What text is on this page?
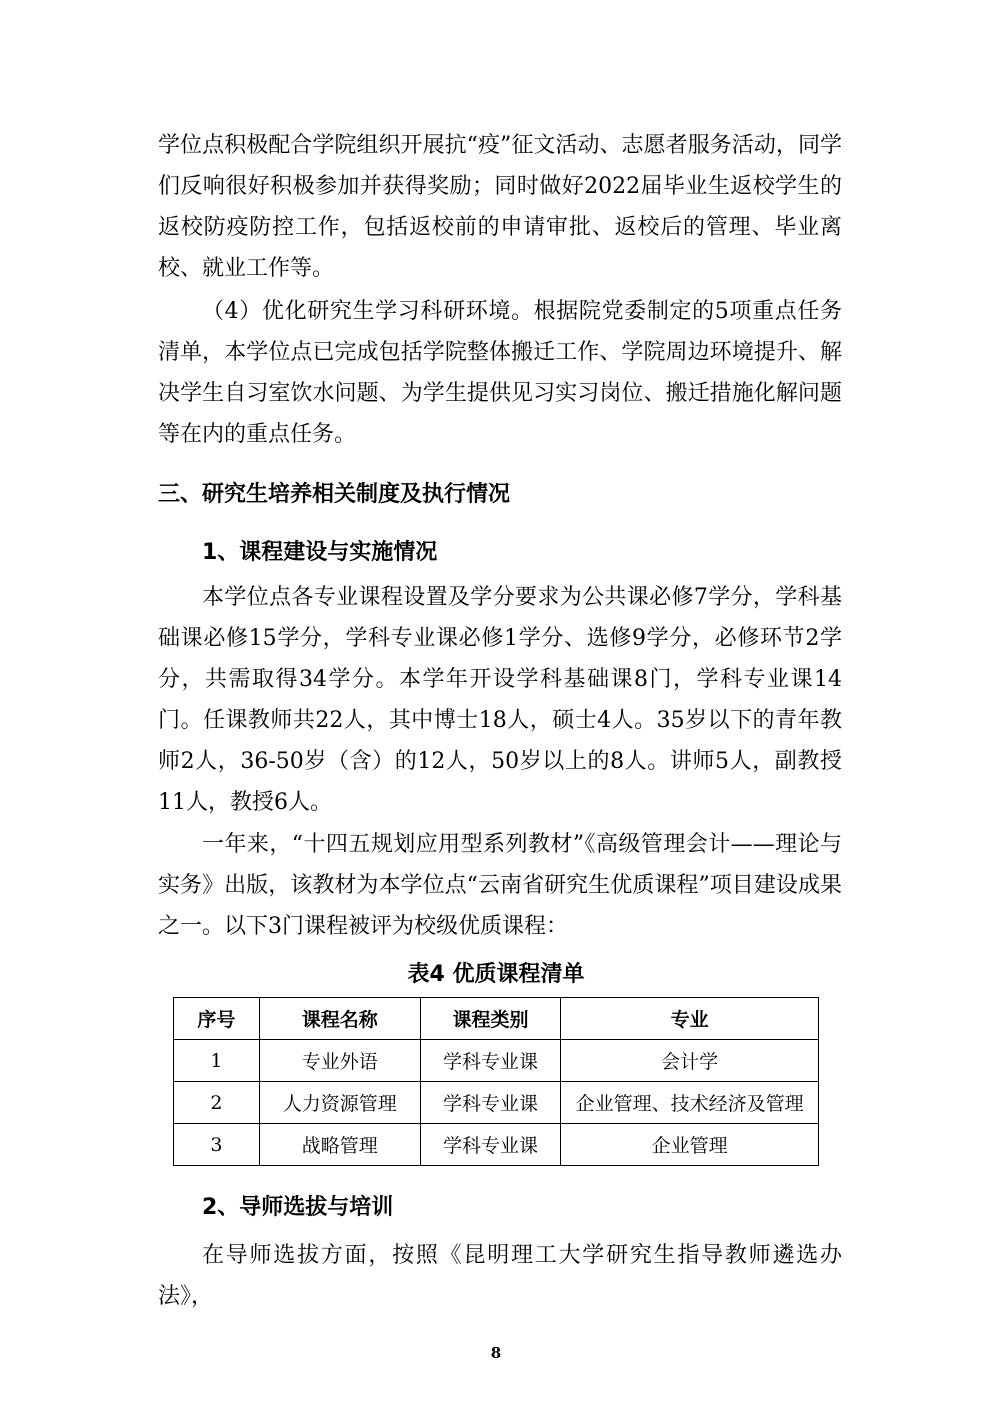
学位点积极配合学院组织开展抗“疫”征文活动、志愿者服务活动，同学们反响很好积极参加并获得奖励；同时做好2022届毕业生返校学生的返校防疫防控工作，包括返校前的申请审批、返校后的管理、毕业离校、就业工作等。

（4）优化研究生学习科研环境。根据院党委制定的5项重点任务清单，本学位点已完成包括学院整体搬迁工作、学院周边环境提升、解决学生自习室饮水问题、为学生提供见习实习岗位、搬迁措施化解问题等在内的重点任务。

三、研究生培养相关制度及执行情况

1、课程建设与实施情况

本学位点各专业课程设置及学分要求为公共课必修7学分，学科基础课必修15学分，学科专业课必修1学分、选修9学分，必修环节2学分，共需取得34学分。本学年开设学科基础课8门，学科专业课14门。任课教师共22人，其中博士18人，硕士4人。35岁以下的青年教师2人，36-50岁（含）的12人，50岁以上的8人。讲师5人，副教授11人，教授6人。

一年来，“十四五规划应用型系列教材”《高级管理会计——理论与实务》出版，该教材为本学位点“云南省研究生优质课程”项目建设成果之一。以下3门课程被评为校级优质课程：

表4 优质课程清单

序号	课程名称	课程类别	专业
1	专业外语	学科专业课	会计学
2	人力资源管理	学科专业课	企业管理、技术经济及管理
3	战略管理	学科专业课	企业管理

2、导师选拔与培训

在导师选拔方面，按照《昆明理工大学研究生指导教师遴选办法》，

8
